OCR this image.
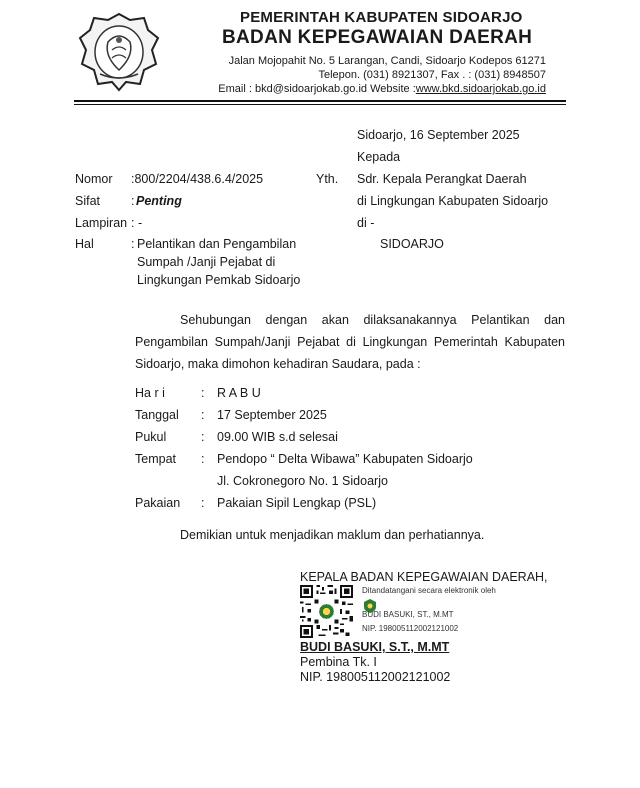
PEMERINTAH KABUPATEN SIDOARJO
BADAN KEPEGAWAIAN DAERAH
Jalan Mojopahit No. 5 Larangan, Candi, Sidoarjo Kodepos 61271
Telepon. (031) 8921307, Fax . : (031) 8948507
Email : bkd@sidoarjokab.go.id Website :www.bkd.sidoarjokab.go.id
Sidoarjo, 16 September 2025
Kepada
Yth. Sdr. Kepala Perangkat Daerah
di Lingkungan Kabupaten Sidoarjo
di -
SIDOARJO
Nomor :800/2204/438.6.4/2025
Sifat : Penting
Lampiran : -
Hal	: Pelantikan dan Pengambilan
Sumpah /Janji Pejabat di
Lingkungan Pemkab Sidoarjo
Sehubungan dengan akan dilaksanakannya Pelantikan dan
Pengambilan Sumpah/Janji Pejabat di Lingkungan Pemerintah Kabupaten
Sidoarjo, maka dimohon kehadiran Saudara, pada :
Ha r i	: R A B U
Tanggal : 17 September 2025
Pukul	: 09.00 WIB s.d selesai
Tempat : Pendopo “ Delta Wibawa” Kabupaten Sidoarjo
Jl. Cokronegoro No. 1 Sidoarjo
Pakaian : Pakaian Sipil Lengkap (PSL)
Demikian untuk menjadikan maklum dan perhatiannya.
KEPALA BADAN KEPEGAWAIAN DAERAH,
Ditandatangani secara elektronik oleh
BUDI BASUKI, ST., M.MT
NIP. 198005112002121002
BUDI BASUKI, S.T., M.MT
Pembina Tk. I
NIP. 198005112002121002
